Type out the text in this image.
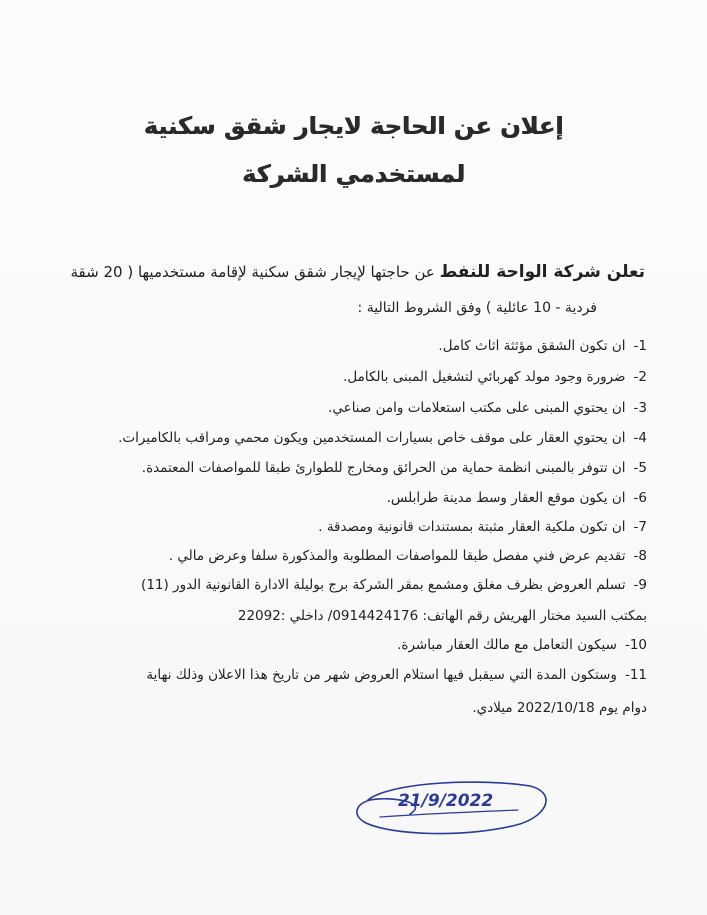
إعلان عن الحاجة لايجار شقق سكنية
لمستخدمي الشركة
تعلن شركة الواحة للنفط عن حاجتها لإيجار شقق سكنية لإقامة مستخدميها ( 20 شقة
فردية - 10 عائلية ) وفق الشروط التالية :
1-ان تكون الشقق مؤثثة اثاث كامل.
2-ضرورة وجود مولد كهربائي لتشغيل المبنى بالكامل.
3-ان يحتوي المبنى على مكتب استعلامات وامن صناعي.
4-ان يحتوي العقار على موقف خاص بسيارات المستخدمين ويكون محمي ومراقب بالكاميرات.
5-ان تتوفر بالمبنى انظمة حماية من الحرائق ومخارج للطوارئ طبقا للمواصفات المعتمدة.
6-ان يكون موقع العقار وسط مدينة طرابلس.
7-ان تكون ملكية العقار مثبتة بمستندات قانونية ومصدقة .
8-تقديم عرض فني مفصل طبقا للمواصفات المطلوبة والمذكورة سلفا وعرض مالي .
9-تسلم العروض بظرف مغلق ومشمع بمقر الشركة برج بوليلة الادارة القانونية الدور (11)
بمكتب السيد مختار الهريش رقم الهاتف: 0914424176/ داخلي :22092
10-سيكون التعامل مع مالك العقار مباشرة.
11-وستكون المدة التي سيقبل فيها استلام العروض شهر من تاريخ هذا الاعلان وذلك نهاية
دوام يوم 2022/10/18 ميلادي.
21/9/2022
